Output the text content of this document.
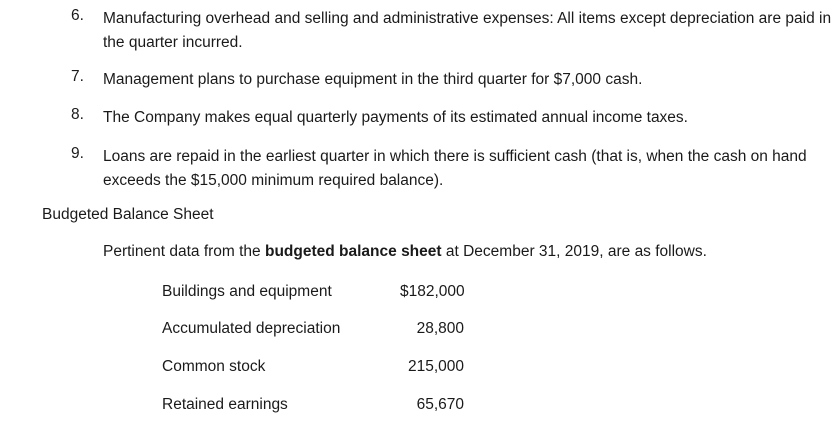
6.	Manufacturing overhead and selling and administrative expenses: All items except depreciation are paid in the quarter incurred.
7.	Management plans to purchase equipment in the third quarter for $7,000 cash.
8.	The Company makes equal quarterly payments of its estimated annual income taxes.
9.	Loans are repaid in the earliest quarter in which there is sufficient cash (that is, when the cash on hand exceeds the $15,000 minimum required balance).
Budgeted Balance Sheet
Pertinent data from the budgeted balance sheet at December 31, 2019, are as follows.
Buildings and equipment	$182,000
Accumulated depreciation	28,800
Common stock	215,000
Retained earnings	65,670
